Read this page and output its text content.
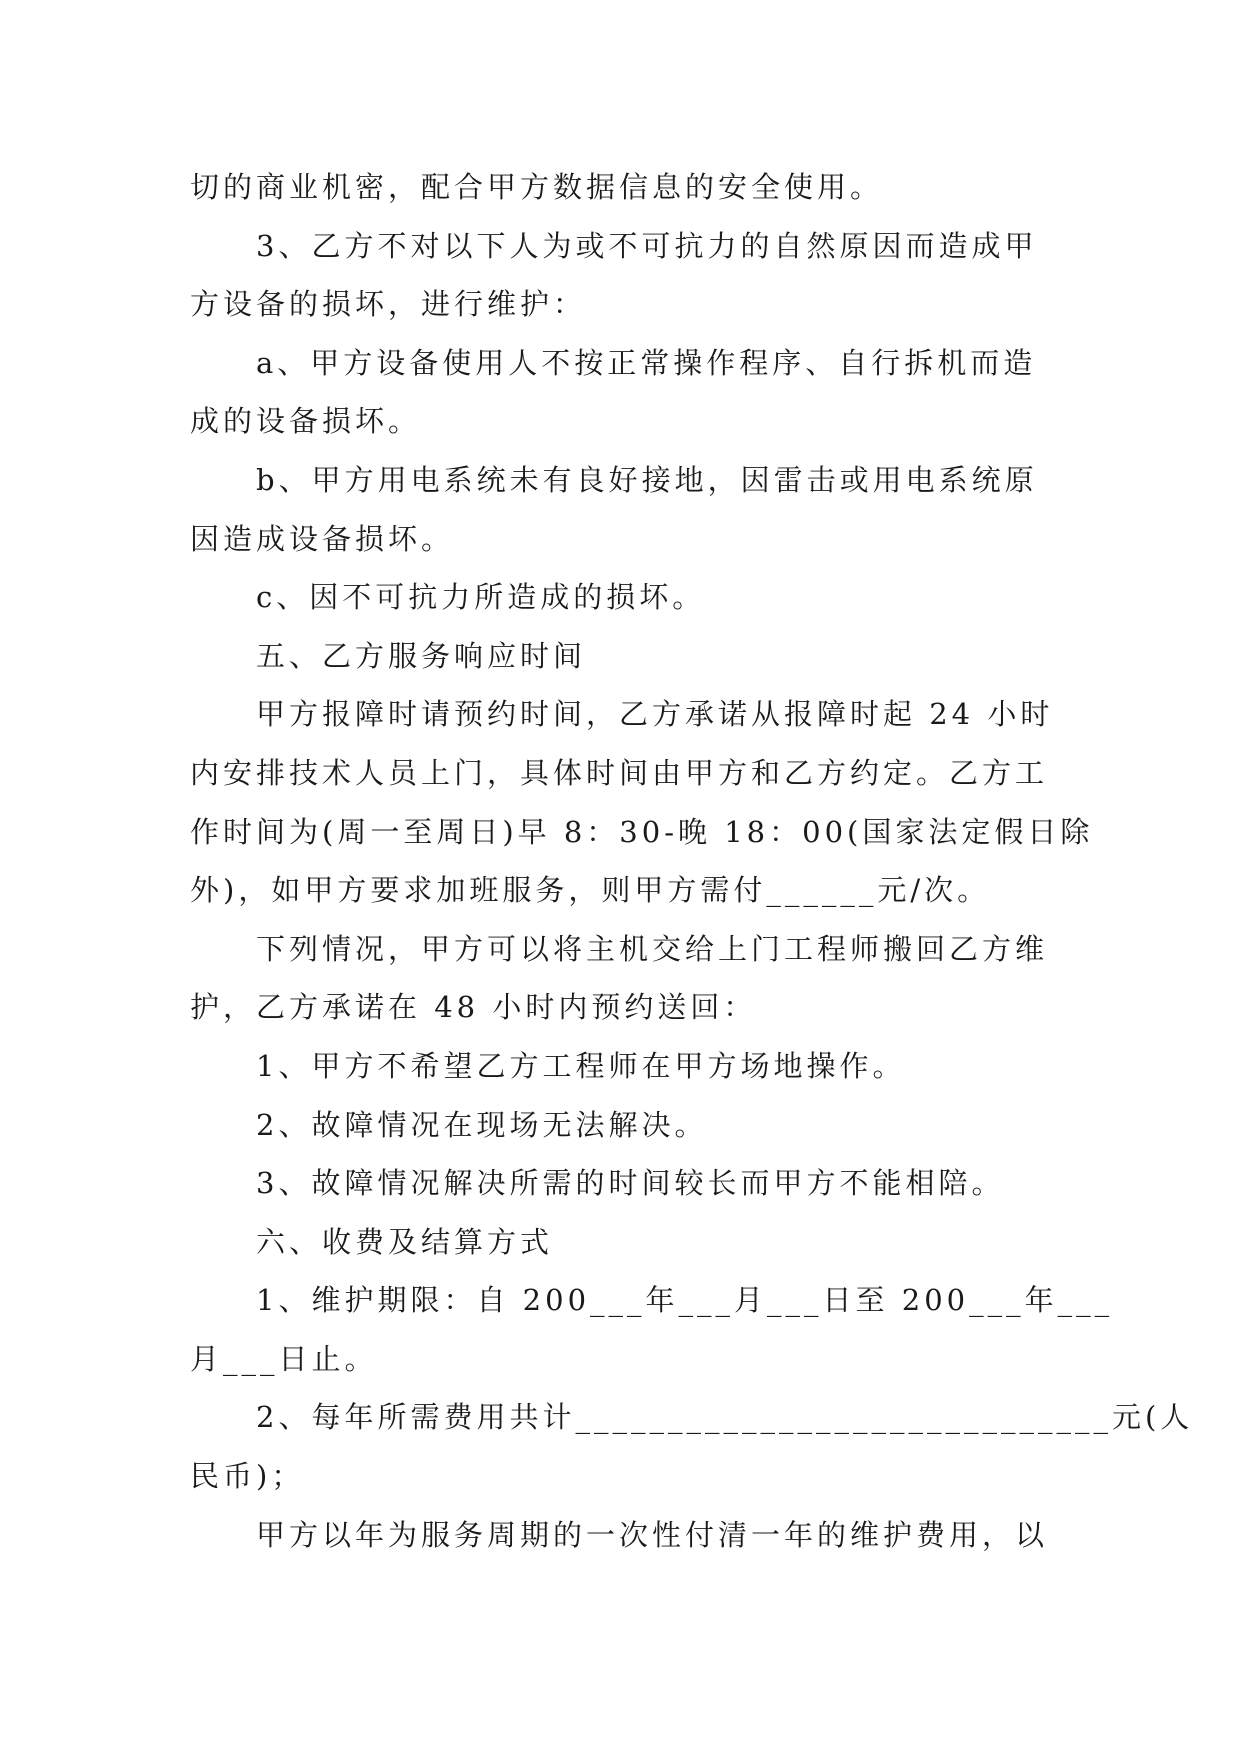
切的商业机密，配合甲方数据信息的安全使用。
3、乙方不对以下人为或不可抗力的自然原因而造成甲
方设备的损坏，进行维护：
a、甲方设备使用人不按正常操作程序、自行拆机而造
成的设备损坏。
b、甲方用电系统未有良好接地，因雷击或用电系统原
因造成设备损坏。
c、因不可抗力所造成的损坏。
五、乙方服务响应时间
甲方报障时请预约时间，乙方承诺从报障时起 24 小时
内安排技术人员上门，具体时间由甲方和乙方约定。乙方工
作时间为(周一至周日)早 8：30-晚 18：00(国家法定假日除
外)，如甲方要求加班服务，则甲方需付______元/次。
下列情况，甲方可以将主机交给上门工程师搬回乙方维
护，乙方承诺在 48 小时内预约送回：
1、甲方不希望乙方工程师在甲方场地操作。
2、故障情况在现场无法解决。
3、故障情况解决所需的时间较长而甲方不能相陪。
六、收费及结算方式
1、维护期限：自 200___年___月___日至 200___年___
月___日止。
2、每年所需费用共计_____________________________元(人
民币)；
甲方以年为服务周期的一次性付清一年的维护费用，以
